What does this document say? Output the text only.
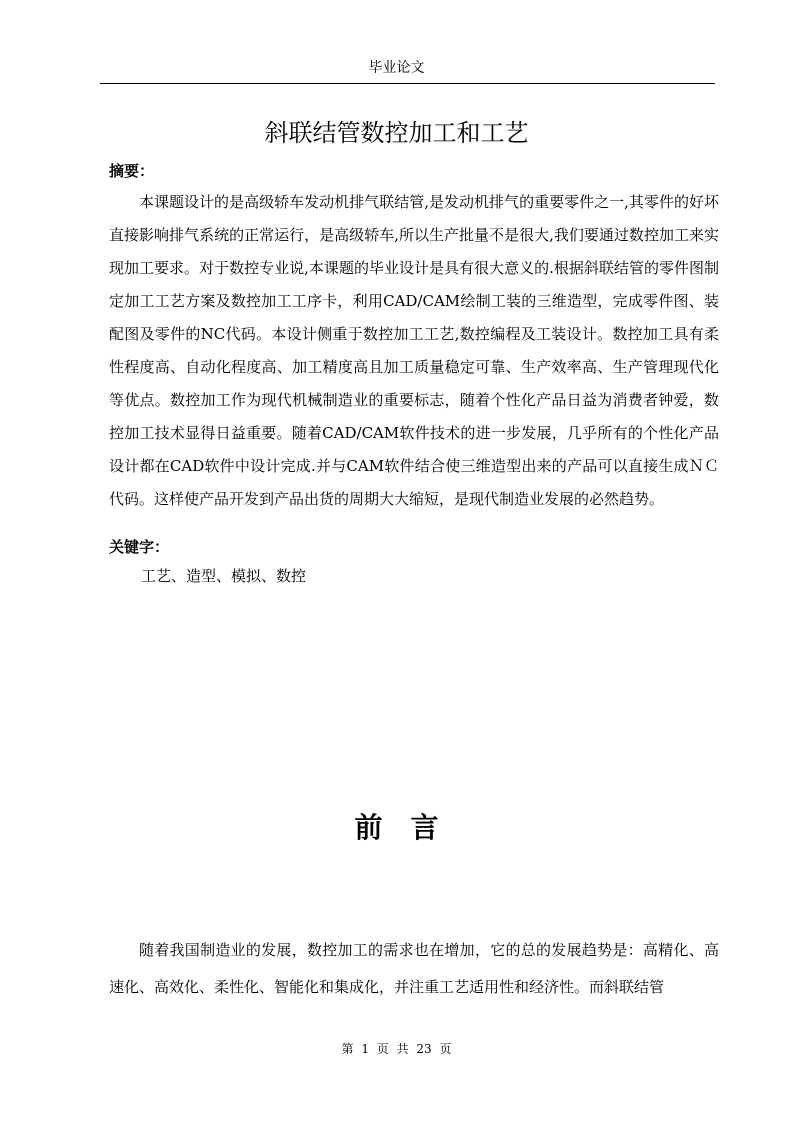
毕业论文
斜联结管数控加工和工艺
摘要：

本课题设计的是高级轿车发动机排气联结管,是发动机排气的重要零件之一,其零件的好坏直接影响排气系统的正常运行，是高级轿车,所以生产批量不是很大,我们要通过数控加工来实现加工要求。对于数控专业说,本课题的毕业设计是具有很大意义的.根据斜联结管的零件图制定加工工艺方案及数控加工工序卡，利用CAD/CAM绘制工装的三维造型，完成零件图、装配图及零件的NC代码。本设计侧重于数控加工工艺,数控编程及工装设计。数控加工具有柔性程度高、自动化程度高、加工精度高且加工质量稳定可靠、生产效率高、生产管理现代化等优点。数控加工作为现代机械制造业的重要标志，随着个性化产品日益为消费者钟爱，数控加工技术显得日益重要。随着CAD/CAM软件技术的进一步发展，几乎所有的个性化产品设计都在CAD软件中设计完成.并与CAM软件结合使三维造型出来的产品可以直接生成ＮＣ代码。这样使产品开发到产品出货的周期大大缩短，是现代制造业发展的必然趋势。

关键字：
工艺、造型、模拟、数控
前言

随着我国制造业的发展，数控加工的需求也在增加，它的总的发展趋势是：高精化、高速化、高效化、柔性化、智能化和集成化，并注重工艺适用性和经济性。而斜联结管

第 1 页 共 23 页
